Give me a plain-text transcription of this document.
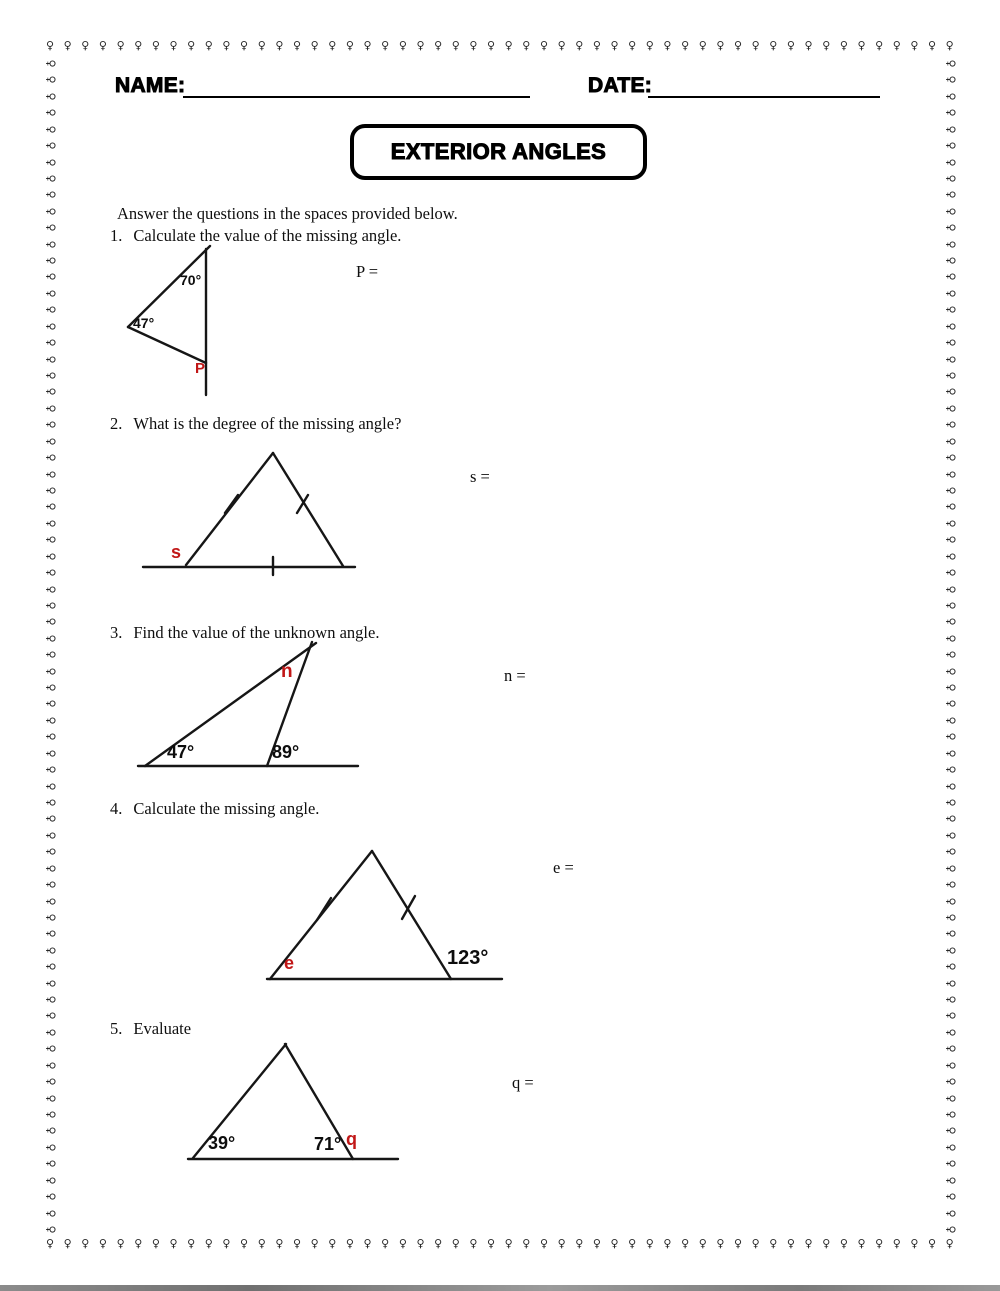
♀ ♀ ♀ ♀ ♀ ♀ ♀ ♀ ♀ ♀ ♀ ♀ ♀ ♀ ♀ ♀ ♀ ♀ ♀ ♀ ♀ ♀ ♀ ♀ ♀ ♀ ♀ ♀ ♀ ♀ ♀ ♀ ♀ ♀ ♀ ♀ ♀ ♀ ♀ ♀ ♀ ♀ ♀ ♀ ♀ ♀ ♀ ♀ ♀ ♀ ♀ ♀
♀ ♀ ♀ ♀ ♀ ♀ ♀ ♀ ♀ ♀ ♀ ♀ ♀ ♀ ♀ ♀ ♀ ♀ ♀ ♀ ♀ ♀ ♀ ♀ ♀ ♀ ♀ ♀ ♀ ♀ ♀ ♀ ♀ ♀ ♀ ♀ ♀ ♀ ♀ ♀ ♀ ♀ ♀ ♀ ♀ ♀ ♀ ♀ ♀ ♀ ♀ ♀
♀
♀
♀
♀
♀
♀
♀
♀
♀
♀
♀
♀
♀
♀
♀
♀
♀
♀
♀
♀
♀
♀
♀
♀
♀
♀
♀
♀
♀
♀
♀
♀
♀
♀
♀
♀
♀
♀
♀
♀
♀
♀
♀
♀
♀
♀
♀
♀
♀
♀
♀
♀
♀
♀
♀
♀
♀
♀
♀
♀
♀
♀
♀
♀
♀
♀
♀
♀
♀
♀
♀
♀
♀
♀
♀
♀
♀
♀
♀
♀
♀
♀
♀
♀
♀
♀
♀
♀
♀
♀
♀
♀
♀
♀
♀
♀
♀
♀
♀
♀
♀
♀
♀
♀
♀
♀
♀
♀
♀
♀
♀
♀
♀
♀
♀
♀
♀
♀
♀
♀
♀
♀
♀
♀
♀
♀
♀
♀
♀
♀
♀
♀
♀
♀
♀
♀
♀
♀
♀
♀
♀
♀
♀
♀
NAME:	DATE:
EXTERIOR ANGLES
Answer the questions in the spaces provided below.
1. Calculate the value of the missing angle.
2. What is the degree of the missing angle?
3. Find the value of the unknown angle.
4. Calculate the missing angle.
5. Evaluate
70°
47°
P
P =
s
s =
47°	89°
n	n =
e	123°
e =
39°	71° q
q =
